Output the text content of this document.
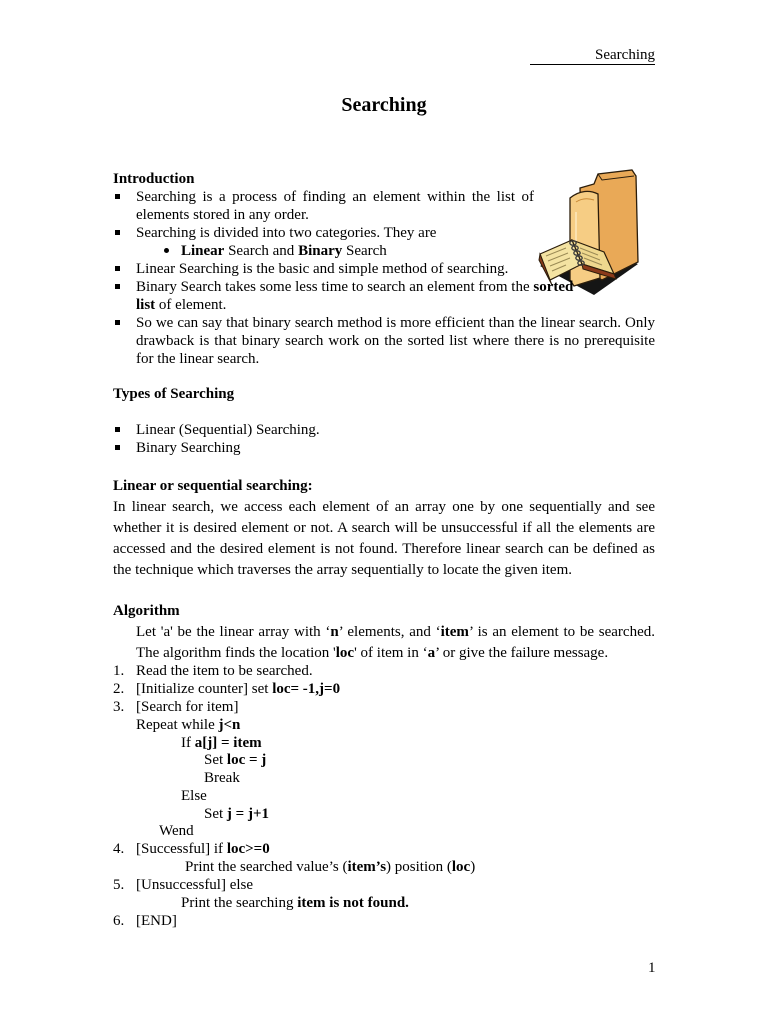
Searching
Searching
Introduction
Searching is a process of finding an element within the list of
elements stored in any order.
Searching is divided into two categories. They are
Linear Search and Binary Search
Linear Searching is the basic and simple method of searching.
Binary Search takes some less time to search an element from the sorted
list of element.
So we can say that binary search method is more efficient than the linear search. Only
drawback is that binary search work on the sorted list where there is no prerequisite
for the linear search.
Types of Searching
Linear (Sequential) Searching.
Binary Searching
Linear or sequential searching:
In linear search, we access each element of an array one by one sequentially and see
whether it is desired element or not. A search will be unsuccessful if all the elements are
accessed and the desired element is not found. Therefore linear search can be defined as
the technique which traverses the array sequentially to locate the given item.
Algorithm
Let 'a' be the linear array with ‘n’ elements, and ‘item’ is an element to be searched.
The algorithm finds the location 'loc' of item in ‘a’ or give the failure message.
1. Read the item to be searched.
2. [Initialize counter] set loc= -1,j=0
3. [Search for item]
Repeat while j<n
If a[j] = item
Set loc = j
Break
Else
Set j = j+1
Wend
4. [Successful] if loc>=0
Print the searched value’s (item’s) position (loc)
5. [Unsuccessful] else
Print the searching item is not found.
6. [END]
1
